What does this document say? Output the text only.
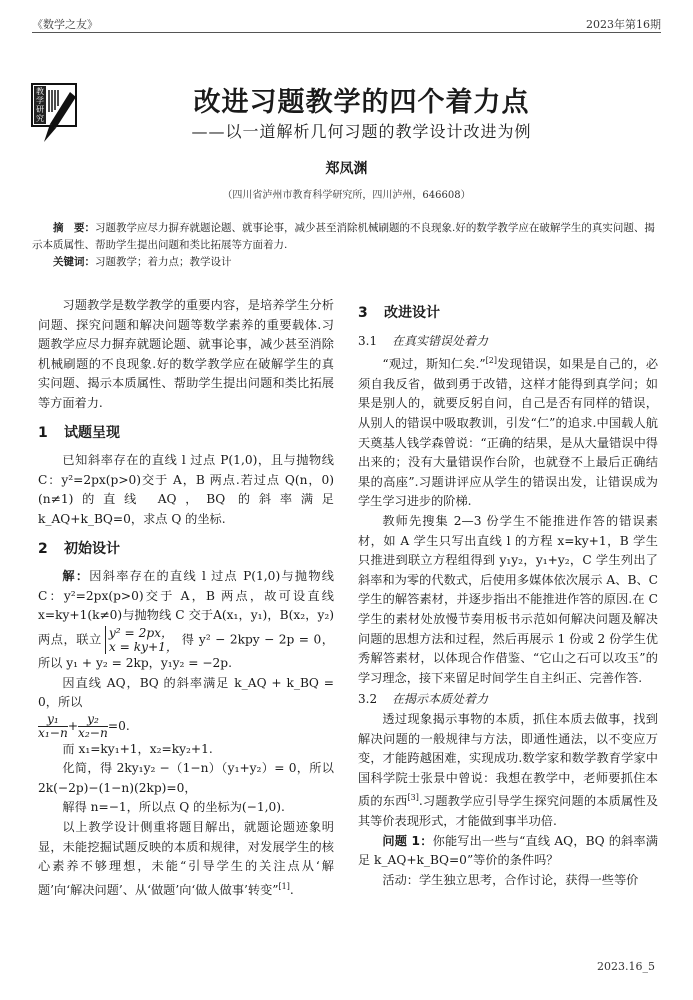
《数学之友》	2023年第16期
教
学
研
究
改进习题教学的四个着力点
——以一道解析几何习题的教学设计改进为例
郑凤渊
（四川省泸州市教育科学研究所，四川泸州，646608）

摘　要：习题教学应尽力摒弃就题论题、就事论事，减少甚至消除机械刷题的不良现象.好的数学教学应在破解学生的真实问题、揭示本质属性、帮助学生提出问题和类比拓展等方面着力.

关键词：习题教学；着力点；教学设计

习题教学是数学教学的重要内容，是培养学生分析问题、探究问题和解决问题等数学素养的重要载体.习题教学应尽力摒弃就题论题、就事论事，减少甚至消除机械刷题的不良现象.好的数学教学应在破解学生的真实问题、揭示本质属性、帮助学生提出问题和类比拓展等方面着力.

1 试题呈现

已知斜率存在的直线 l 过点 P(1,0)，且与抛物线 C：y²=2px(p>0)交于 A，B 两点.若过点 Q(n，0)(n≠1)的直线 AQ，BQ 的斜率满足 k_AQ+k_BQ=0，求点 Q 的坐标.

2 初始设计

解：因斜率存在的直线 l 过点 P(1,0)与抛物线 C：y²=2px(p>0)交于 A，B 两点，故可设直线 x=ky+1(k≠0)与抛物线 C 交于A(x₁，y₁)，B(x₂，y₂)两点，联立 y² = 2px，
x = ky+1，
得 y² − 2kpy − 2p = 0，所以 y₁ + y₂ = 2kp，y₁y₂ = −2p.

因直线 AQ，BQ 的斜率满足 k_AQ + k_BQ = 0，所以

$\frac{\text{y₁}}{\text{x₁−n}} + \frac{\text{y₂}}{\text{x₂−n}} =0$.

而 x₁=ky₁+1，x₂=ky₂+1.

化简，得 2ky₁y₂ −（1−n）（y₁+y₂）= 0，所以 2k(−2p)−(1−n)(2kp)=0，

解得 n=−1，所以点 Q 的坐标为(−1,0).

以上教学设计侧重将题目解出，就题论题迹象明显，未能挖掘试题反映的本质和规律，对发展学生的核心素养不够理想，未能“引导学生的关注点从‘解题’向‘解决问题’、从‘做题’向‘做人做事’转变”[1].

3 改进设计
3.1 在真实错误处着力

“观过，斯知仁矣.”[2]发现错误，如果是自己的，必须自我反省，做到勇于改错，这样才能得到真学问；如果是别人的，就要反躬自问，自己是否有同样的错误，从别人的错误中吸取教训，引发“仁”的追求.中国载人航天奠基人钱学森曾说：“正确的结果，是从大量错误中得出来的；没有大量错误作台阶，也就登不上最后正确结果的高座”.习题讲评应从学生的错误出发，让错误成为学生学习进步的阶梯.

教师先搜集 2—3 份学生不能推进作答的错误素材，如 A 学生只写出直线 l 的方程 x=ky+1，B 学生只推进到联立方程组得到 y₁y₂，y₁+y₂，C 学生列出了斜率和为零的代数式，后使用多媒体依次展示 A、B、C 学生的解答素材，并逐步指出不能推进作答的原因.在 C 学生的素材处放慢节奏用板书示范如何解决问题及解决问题的思想方法和过程，然后再展示 1 份或 2 份学生优秀解答素材，以体现合作借鉴、“它山之石可以攻玉”的学习理念，接下来留足时间学生自主纠正、完善作答.

3.2 在揭示本质处着力

透过现象揭示事物的本质，抓住本质去做事，找到解决问题的一般规律与方法，即通性通法，以不变应万变，才能跨越困难，实现成功.数学家和数学教育学家中国科学院士张景中曾说：我想在教学中，老师要抓住本质的东西[3].习题教学应引导学生探究问题的本质属性及其等价表现形式，才能做到事半功倍.

问题 1：你能写出一些与“直线 AQ，BQ 的斜率满足 k_AQ+k_BQ=0”等价的条件吗？

活动：学生独立思考，合作讨论，获得一些等价

2023.16_5
